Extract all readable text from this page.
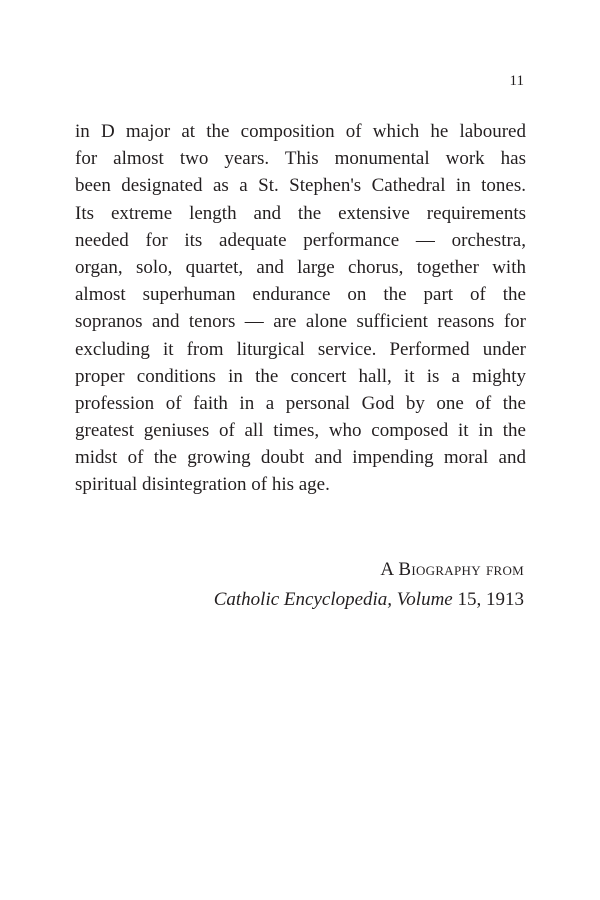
11

in D major at the composition of which he laboured
for almost two years. This monumental work has
been designated as a St. Stephen's Cathedral in tones.
Its extreme length and the extensive requirements
needed for its adequate performance — orchestra,
organ, solo, quartet, and large chorus, together with
almost superhuman endurance on the part of the
sopranos and tenors — are alone sufficient reasons for
excluding it from liturgical service. Performed under
proper conditions in the concert hall, it is a mighty
profession of faith in a personal God by one of the
greatest geniuses of all times, who composed it in the
midst of the growing doubt and impending moral and
spiritual disintegration of his age.

A Biography from
Catholic Encyclopedia, Volume 15, 1913
